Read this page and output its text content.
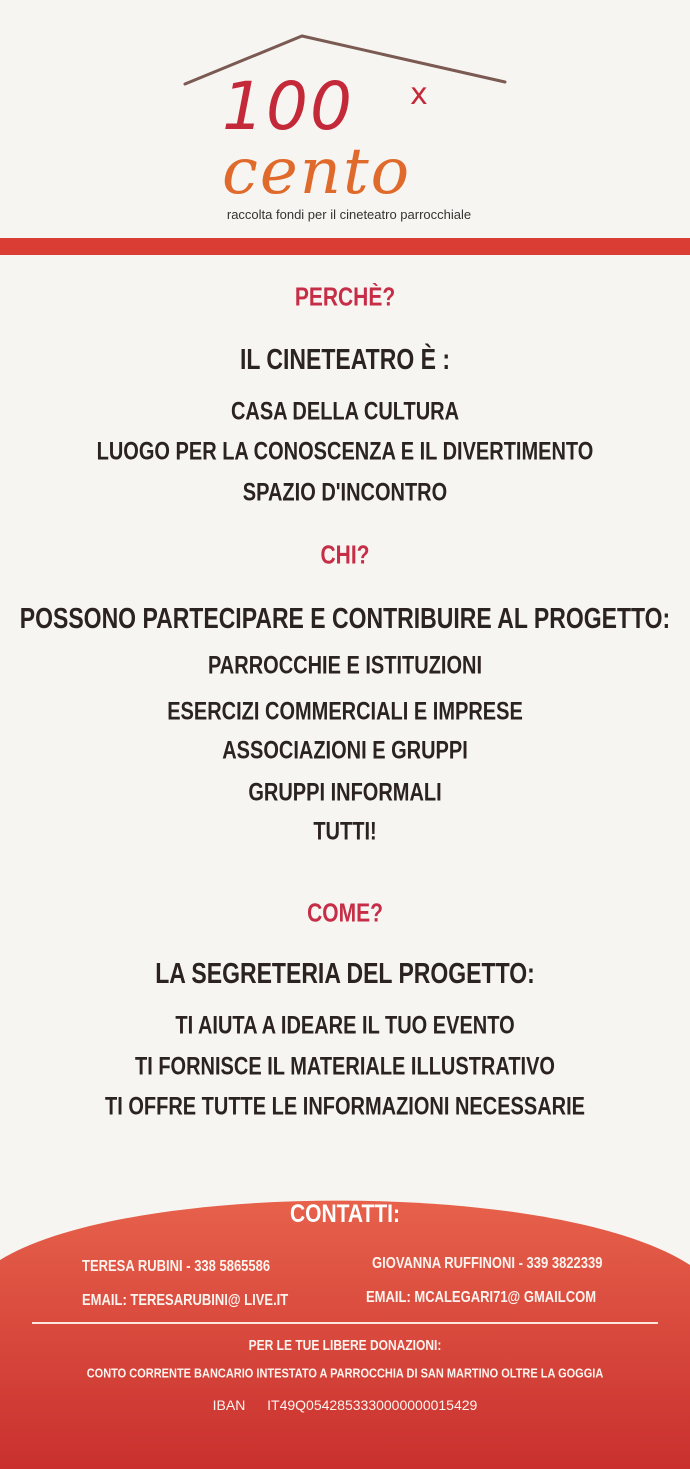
100 x
cento
raccolta fondi per il cineteatro parrocchiale
PERCHÈ?
IL CINETEATRO È :
CASA DELLA CULTURA
LUOGO PER LA CONOSCENZA E IL DIVERTIMENTO
SPAZIO D'INCONTRO
CHI?
POSSONO PARTECIPARE E CONTRIBUIRE AL PROGETTO:
PARROCCHIE E ISTITUZIONI
ESERCIZI COMMERCIALI E IMPRESE
ASSOCIAZIONI E GRUPPI
GRUPPI INFORMALI
TUTTI!
COME?
LA SEGRETERIA DEL PROGETTO:
TI AIUTA A IDEARE IL TUO EVENTO
TI FORNISCE IL MATERIALE ILLUSTRATIVO
TI OFFRE TUTTE LE INFORMAZIONI NECESSARIE
CONTATTI:
TERESA RUBINI - 338 5865586	GIOVANNA RUFFINONI - 339 3822339
EMAIL: TERESARUBINI@ LIVE.IT	EMAIL: MCALEGARI71@ GMAILCOM
PER LE TUE LIBERE DONAZIONI:
CONTO CORRENTE BANCARIO INTESTATO A PARROCCHIA DI SAN MARTINO OLTRE LA GOGGIA
IBAN IT49Q0542853330000000015429
